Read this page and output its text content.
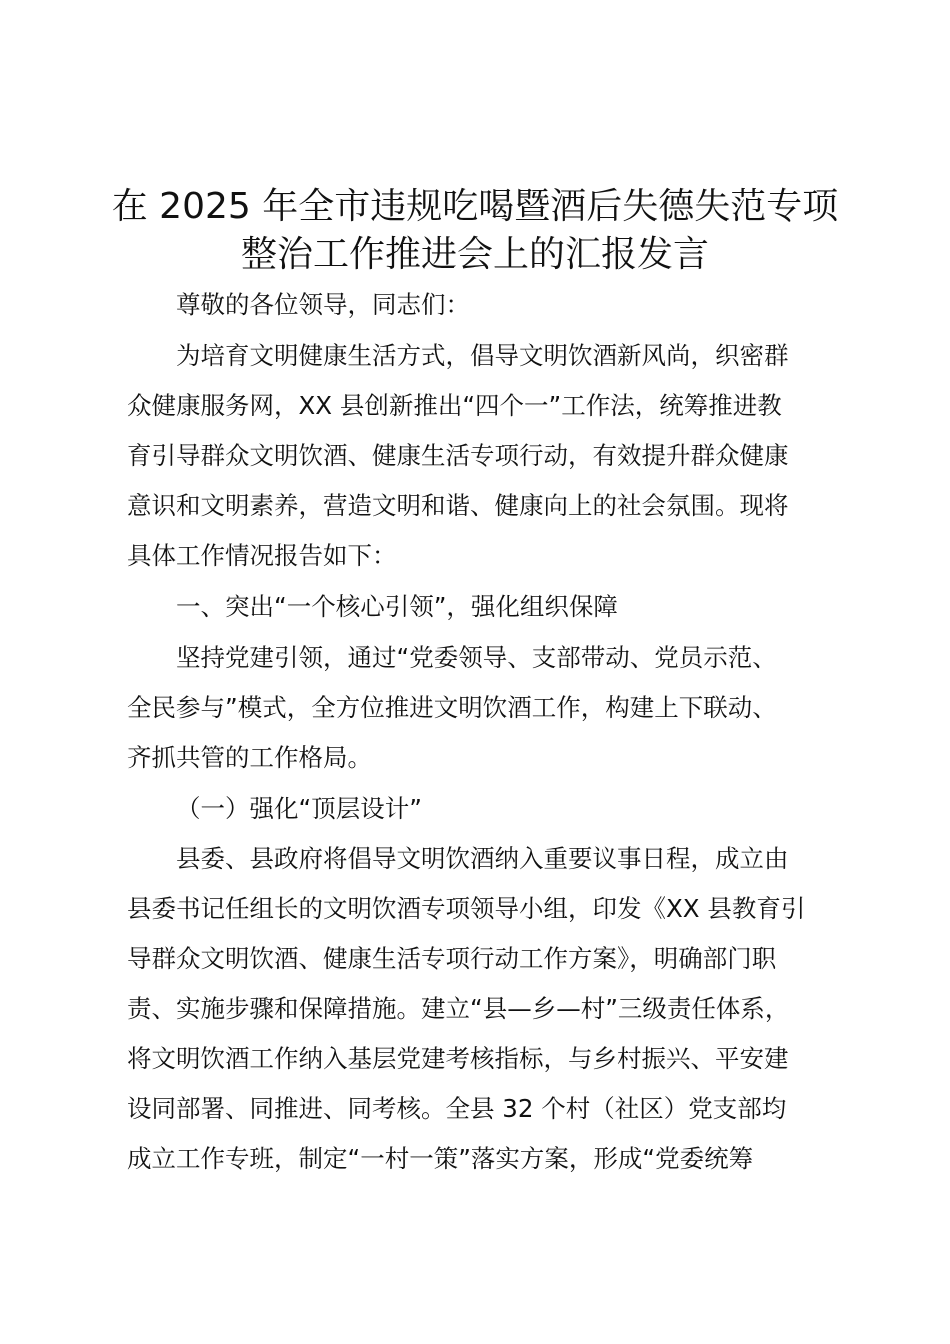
在 2025 年全市违规吃喝暨酒后失德失范专项
整治工作推进会上的汇报发言

尊敬的各位领导，同志们：

为培育文明健康生活方式，倡导文明饮酒新风尚，织密群

众健康服务网，XX 县创新推出“四个一”工作法，统筹推进教

育引导群众文明饮酒、健康生活专项行动，有效提升群众健康

意识和文明素养，营造文明和谐、健康向上的社会氛围。现将

具体工作情况报告如下：

一、突出“一个核心引领”，强化组织保障

坚持党建引领，通过“党委领导、支部带动、党员示范、

全民参与”模式，全方位推进文明饮酒工作，构建上下联动、

齐抓共管的工作格局。

（一）强化“顶层设计”

县委、县政府将倡导文明饮酒纳入重要议事日程，成立由

县委书记任组长的文明饮酒专项领导小组，印发《XX 县教育引

导群众文明饮酒、健康生活专项行动工作方案》，明确部门职

责、实施步骤和保障措施。建立“县—乡—村”三级责任体系，

将文明饮酒工作纳入基层党建考核指标，与乡村振兴、平安建

设同部署、同推进、同考核。全县 32 个村（社区）党支部均

成立工作专班，制定“一村一策”落实方案，形成“党委统筹
